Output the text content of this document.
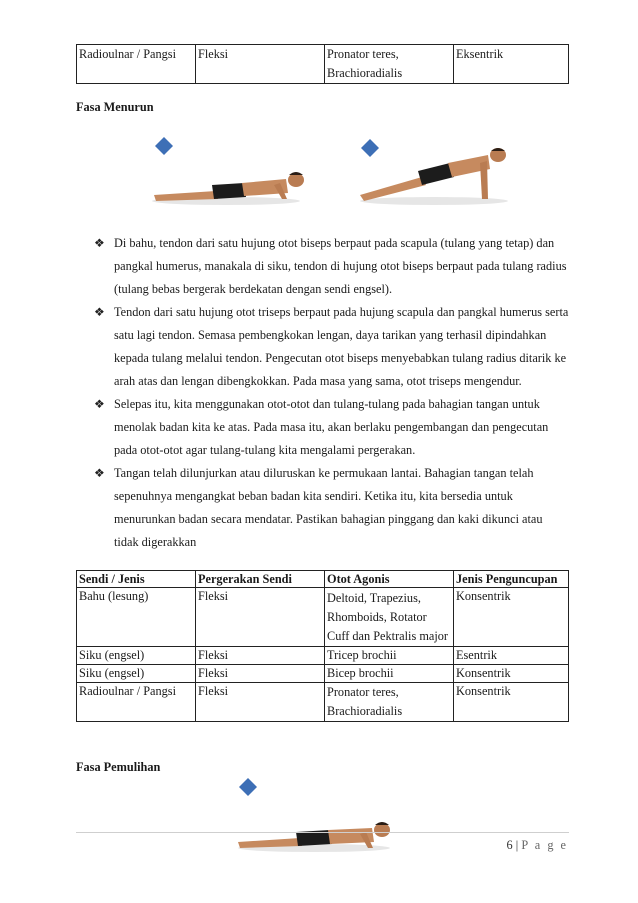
Radioulnar / Pangsi	Fleksi	Pronator teres, Brachioradialis	Eksentrik
Fasa Menurun
❖ Di bahu, tendon dari satu hujung otot biseps berpaut pada scapula (tulang yang tetap) dan pangkal humerus, manakala di siku, tendon di hujung otot biseps berpaut pada tulang radius (tulang bebas bergerak berdekatan dengan sendi engsel).
❖ Tendon dari satu hujung otot triseps berpaut pada hujung scapula dan pangkal humerus serta satu lagi tendon. Semasa pembengkokan lengan, daya tarikan yang terhasil dipindahkan kepada tulang melalui tendon. Pengecutan otot biseps menyebabkan tulang radius ditarik ke arah atas dan lengan dibengkokkan. Pada masa yang sama, otot triseps mengendur.
❖ Selepas itu, kita menggunakan otot-otot dan tulang-tulang pada bahagian tangan untuk menolak badan kita ke atas. Pada masa itu, akan berlaku pengembangan dan pengecutan pada otot-otot agar tulang-tulang kita mengalami pergerakan.
❖ Tangan telah dilunjurkan atau diluruskan ke permukaan lantai. Bahagian tangan telah sepenuhnya mengangkat beban badan kita sendiri. Ketika itu, kita bersedia untuk menurunkan badan secara mendatar. Pastikan bahagian pinggang dan kaki dikunci atau tidak digerakkan
Sendi / Jenis	Pergerakan Sendi	Otot Agonis	Jenis Penguncupan
Bahu (lesung)	Fleksi	Deltoid, Trapezius, Rhomboids, Rotator Cuff dan Pektralis major	Konsentrik
Siku (engsel)	Fleksi	Tricep brochii	Esentrik
Siku (engsel)	Fleksi	Bicep brochii	Konsentrik
Radioulnar / Pangsi	Fleksi	Pronator teres, Brachioradialis	Konsentrik
Fasa Pemulihan
6 | P a g e
